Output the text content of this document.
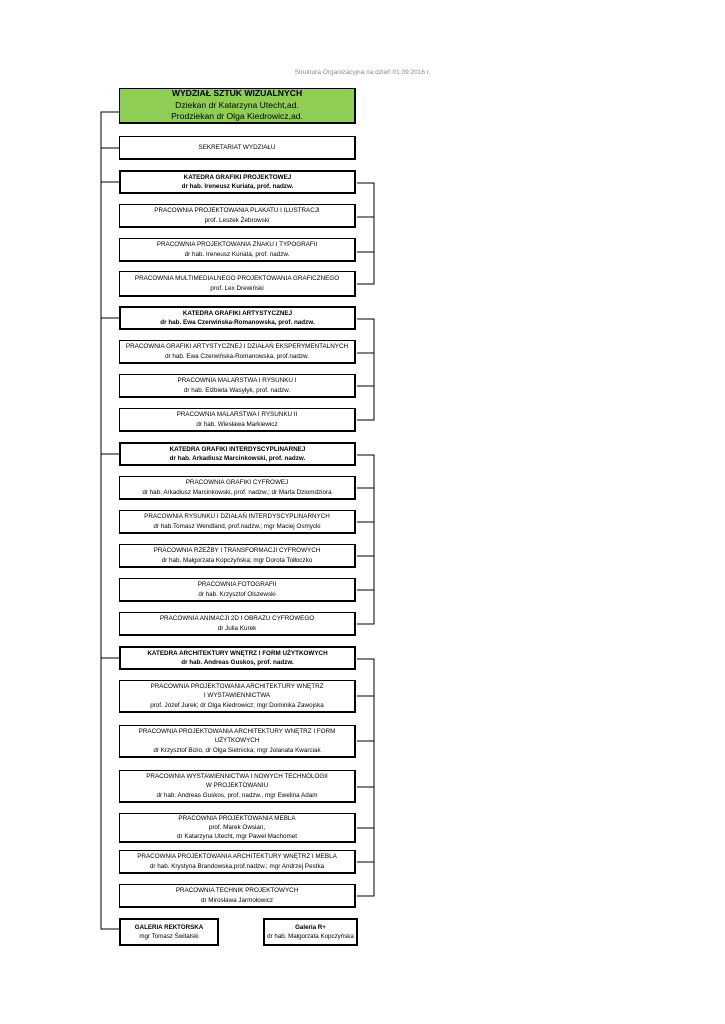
Struktura Organizacyjna na dzień 01.09.2016 r.
WYDZIAŁ SZTUK WIZUALNYCH
Dziekan dr Katarzyna Utecht,ad.
Prodziekan dr Olga Kiedrowicz,ad.
SEKRETARIAT WYDZIAŁU
KATEDRA GRAFIKI PROJEKTOWEJ
dr hab. Ireneusz Kuriata, prof. nadzw.
PRACOWNIA PROJEKTOWANIA PLAKATU I ILUSTRACJI
prof. Leszek Żebrowski
PRACOWNIA PROJEKTOWANIA ZNAKU I TYPOGRAFII
dr hab. Ireneusz Kuriata, prof. nadzw.
PRACOWNIA MULTIMEDIALNEGO PROJEKTOWANIA GRAFICZNEGO
prof. Lex Drewiński
KATEDRA GRAFIKI ARTYSTYCZNEJ
dr hab. Ewa Czerwińska-Romanowska, prof. nadzw.
PRACOWNIA GRAFIKI ARTYSTYCZNEJ I DZIAŁAŃ EKSPERYMENTALNYCH
dr hab. Ewa Czerwińska-Romanowska, prof.nadzw.
PRACOWNIA MALARSTWA I RYSUNKU I
dr hab. Elżbieta Wasyłyk, prof. nadzw.
PRACOWNIA MALARSTWA I RYSUNKU II
dr hab. Wiesława Markiewicz
KATEDRA GRAFIKI INTERDYSCYPLINARNEJ
dr hab. Arkadiusz Marcinkowski, prof. nadzw.
PRACOWNIA GRAFIKI CYFROWEJ
dr hab. Arkadiusz Marcinkowski, prof. nadzw.; dr Marta Dziomdziora
PRACOWNIA RYSUNKU I DZIAŁAŃ INTERDYSCYPLINARNYCH
dr hab.Tomasz Wendland, prof.nadzw.; mgr Maciej Osmycki
PRACOWNIA RZEŹBY I TRANSFORMACJI CYFROWYCH
dr hab. Małgorzata Kopczyńska; mgr Dorota Tołłoczko
PRACOWNIA FOTOGRAFII
dr hab. Krzysztof Olszewski
PRACOWNIA ANIMACJI 2D I OBRAZU CYFROWEGO
dr Julia Kurek
KATEDRA ARCHITEKTURY WNĘTRZ I FORM UŻYTKOWYCH
dr hab. Andreas Guskos, prof. nadzw.
PRACOWNIA PROJEKTOWANIA ARCHITEKTURY WNĘTRZ
I WYSTAWIENNICTWA
prof. Józef Jurek; dr Olga Kiedrowicz; mgr Dominika Zawojska
PRACOWNIA PROJEKTOWANIA ARCHITEKTURY WNĘTRZ I FORM
UŻYTKOWYCH
dr Krzysztof Bizio, dr Olga Sietnicka; mgr Jolanata Kwarciak
PRACOWNIA WYSTAWIENNICTWA I NOWYCH TECHNOLOGII
W PROJEKTOWANIU
dr hab. Andreas Guskos, prof. nadzw., mgr Ewelina Adam
PRACOWNIA PROJEKTOWANIA MEBLA
prof. Marek Owsian,
dr Katarzyna Utecht, mgr Paweł Machomet
PRACOWNIA PROJEKTOWANIA ARCHITEKTURY WNĘTRZ I MEBLA
dr hab. Krystyna Brandowska,prof.nadzw.; mgr Andrzej Pestka
PRACOWNIA TECHNIK PROJEKTOWYCH
dr Mirosława Jarmołowicz
GALERIA REKTORSKA
mgr Tomasz Świtalski
Galeria R+
dr hab. Małgorzata Kopczyńska
